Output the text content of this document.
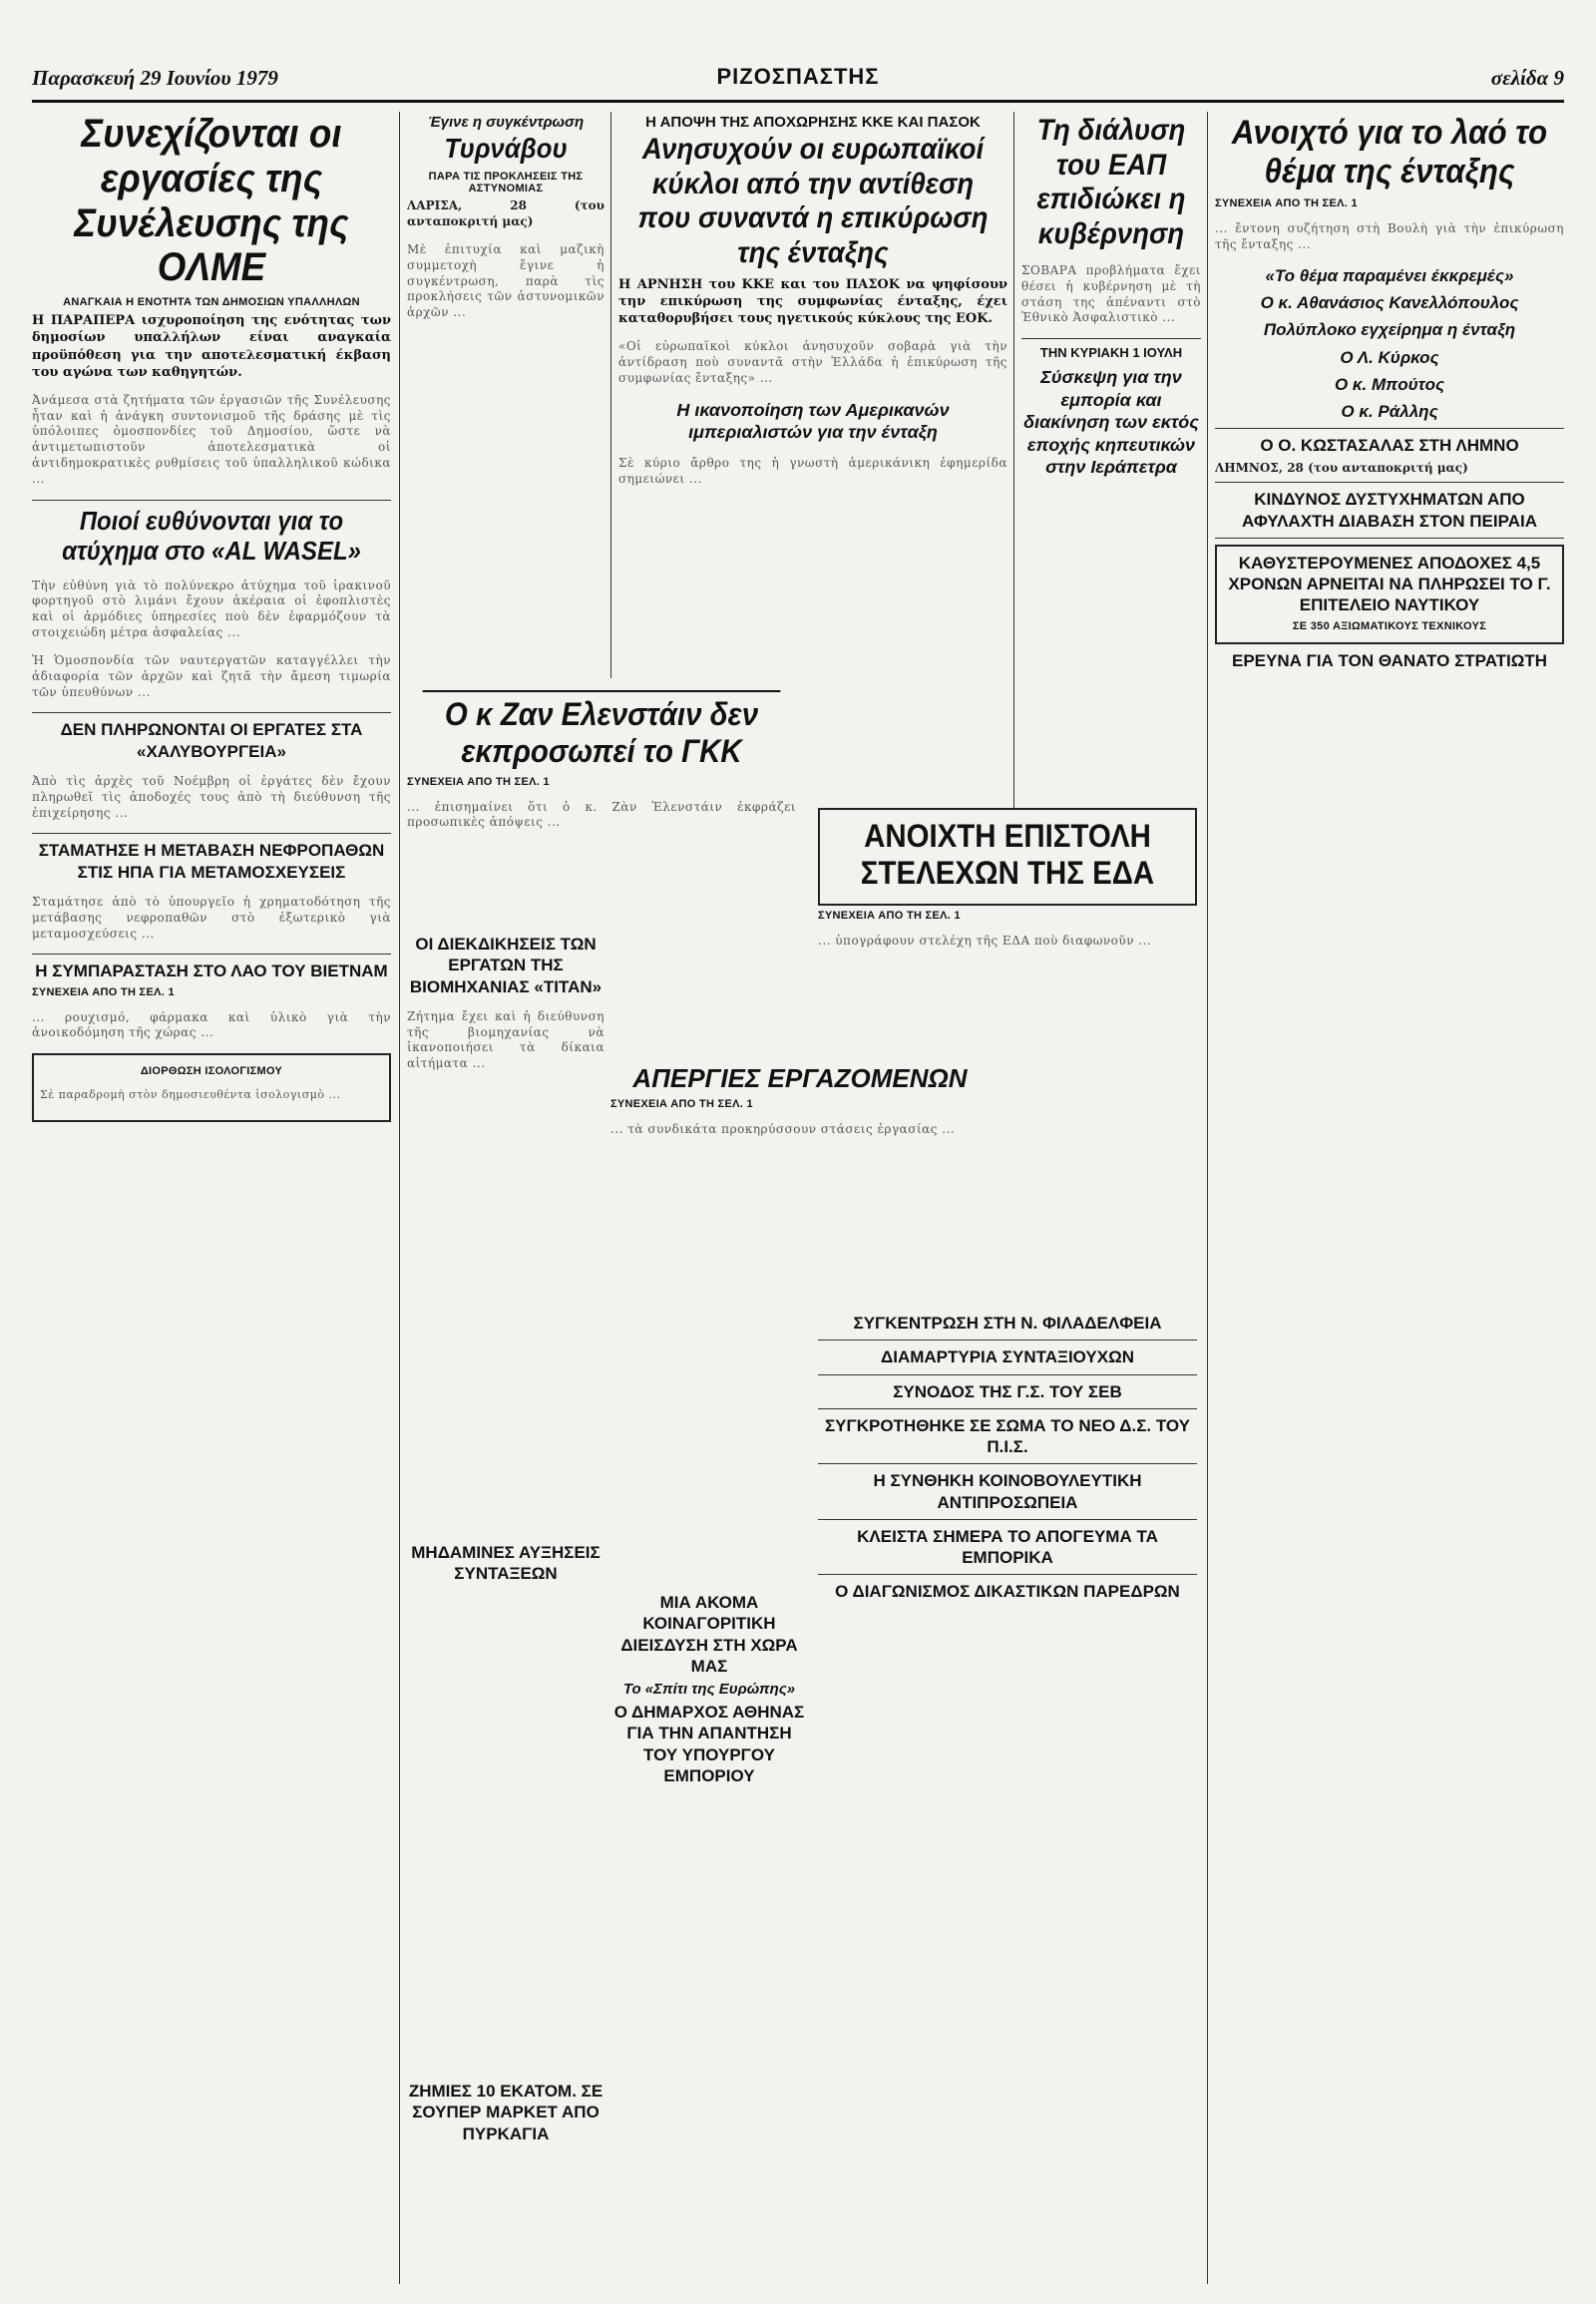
Παρασκευή 29 Ιουνίου 1979	ΡΙΖΟΣΠΑΣΤΗΣ	σελίδα 9
Συνεχίζονται οι εργασίες της Συνέλευσης της ΟΛΜΕ
ΑΝΑΓΚΑΙΑ Η ΕΝΟΤΗΤΑ ΤΩΝ ΔΗΜΟΣΙΩΝ ΥΠΑΛΛΗΛΩΝ

Η ΠΑΡΑΠΕΡΑ ισχυροποίηση της ενότητας των δημοσίων υπαλλήλων είναι αναγκαία προϋπόθεση για την αποτελεσματική έκβαση του αγώνα των καθηγητών.

Ἀνάμεσα στὰ ζητήματα τῶν ἐργασιῶν τῆς Συνέλευσης ἦταν καὶ ἡ ἀνάγκη συντονισμοῦ τῆς δράσης μὲ τὶς ὑπόλοιπες ὁμοσπονδίες τοῦ Δημοσίου, ὥστε νὰ ἀντιμετωπιστοῦν ἀποτελεσματικὰ οἱ ἀντιδημοκρατικὲς ρυθμίσεις τοῦ ὑπαλληλικοῦ κώδικα ...

Ποιοί ευθύνονται για το ατύχημα στο «AL WASEL»

Τὴν εὐθύνη γιὰ τὸ πολύνεκρο ἀτύχημα τοῦ ἰρακινοῦ φορτηγοῦ στὸ λιμάνι ἔχουν ἀκέραια οἱ ἐφοπλιστὲς καὶ οἱ ἀρμόδιες ὑπηρεσίες ποὺ δὲν ἐφαρμόζουν τὰ στοιχειώδη μέτρα ἀσφαλείας ...

Ἡ Ὁμοσπονδία τῶν ναυτεργατῶν καταγγέλλει τὴν ἀδιαφορία τῶν ἀρχῶν καὶ ζητᾶ τὴν ἄμεση τιμωρία τῶν ὑπευθύνων ...

ΔΕΝ ΠΛΗΡΩΝΟΝΤΑΙ ΟΙ ΕΡΓΑΤΕΣ ΣΤΑ «ΧΑΛΥΒΟΥΡΓΕΙΑ»

Ἀπὸ τὶς ἀρχὲς τοῦ Νοέμβρη οἱ ἐργάτες δὲν ἔχουν πληρωθεῖ τὶς ἀποδοχές τους ἀπὸ τὴ διεύθυνση τῆς ἐπιχείρησης ...

ΣΤΑΜΑΤΗΣΕ Η ΜΕΤΑΒΑΣΗ ΝΕΦΡΟΠΑΘΩΝ ΣΤΙΣ ΗΠΑ ΓΙΑ ΜΕΤΑΜΟΣΧΕΥΣΕΙΣ

Σταμάτησε ἀπὸ τὸ ὑπουργεῖο ἡ χρηματοδότηση τῆς μετάβασης νεφροπαθῶν στὸ ἐξωτερικὸ γιὰ μεταμοσχεύσεις ...

Η ΣΥΜΠΑΡΑΣΤΑΣΗ ΣΤΟ ΛΑΟ ΤΟΥ ΒΙΕΤΝΑΜ
ΣΥΝΕΧΕΙΑ ΑΠΟ ΤΗ ΣΕΛ. 1

... ρουχισμό, φάρμακα καὶ ὑλικὸ γιὰ τὴν ἀνοικοδόμηση τῆς χώρας ...

ΔΙΟΡΘΩΣΗ ΙΣΟΛΟΓΙΣΜΟΥ

Σὲ παραδρομὴ στὸν δημοσιευθέντα ἰσολογισμὸ ...

Έγινε η συγκέντρωση
Τυρνάβου
ΠΑΡΑ ΤΙΣ ΠΡΟΚΛΗΣΕΙΣ ΤΗΣ ΑΣΤΥΝΟΜΙΑΣ

ΛΑΡΙΣΑ, 28 (του ανταποκριτή μας)

Μὲ ἐπιτυχία καὶ μαζικὴ συμμετοχὴ ἔγινε ἡ συγκέντρωση, παρὰ τὶς προκλήσεις τῶν ἀστυνομικῶν ἀρχῶν ...

Η ΑΠΟΨΗ ΤΗΣ ΑΠΟΧΩΡΗΣΗΣ ΚΚΕ ΚΑΙ ΠΑΣΟΚ
Ανησυχούν οι ευρωπαϊκοί κύκλοι από την αντίθεση που συναντά η επικύρωση της ένταξης

Η ΑΡΝΗΣΗ του ΚΚΕ και του ΠΑΣΟΚ να ψηφίσουν την επικύρωση της συμφωνίας ένταξης, έχει καταθορυβήσει τους ηγετικούς κύκλους της ΕΟΚ.

«Οἱ εὐρωπαϊκοὶ κύκλοι ἀνησυχοῦν σοβαρὰ γιὰ τὴν ἀντίδραση ποὺ συναντᾶ στὴν Ἑλλάδα ἡ ἐπικύρωση τῆς συμφωνίας ἔνταξης» ...

Η ικανοποίηση των Αμερικανών ιμπεριαλιστών για την ένταξη

Σὲ κύριο ἄρθρο της ἡ γνωστὴ ἀμερικάνικη ἐφημερίδα σημειώνει ...

Τη διάλυση του ΕΑΠ επιδιώκει η κυβέρνηση

ΣΟΒΑΡΑ προβλήματα ἔχει θέσει ἡ κυβέρνηση μὲ τὴ στάση της ἀπέναντι στὸ Ἐθνικὸ Ἀσφαλιστικὸ ...

ΤΗΝ ΚΥΡΙΑΚΗ 1 ΙΟΥΛΗ
Σύσκεψη για την εμπορία και διακίνηση των εκτός εποχής κηπευτικών στην Ιεράπετρα
Ο κ Ζαν Ελενστάιν δεν εκπροσωπεί το ΓΚΚ
ΣΥΝΕΧΕΙΑ ΑΠΟ ΤΗ ΣΕΛ. 1

... ἐπισημαίνει ὅτι ὁ κ. Ζὰν Ἐλενστάιν ἐκφράζει προσωπικὲς ἀπόψεις ...

ΟΙ ΔΙΕΚΔΙΚΗΣΕΙΣ ΤΩΝ ΕΡΓΑΤΩΝ ΤΗΣ ΒΙΟΜΗΧΑΝΙΑΣ «ΤΙΤΑΝ»

Ζήτημα ἔχει καὶ ἡ διεύθυνση τῆς βιομηχανίας νὰ ἱκανοποιήσει τὰ δίκαια αἰτήματα ...	ΑΠΕΡΓΙΕΣ ΕΡΓΑΖΟΜΕΝΩΝ
ΣΥΝΕΧΕΙΑ ΑΠΟ ΤΗ ΣΕΛ. 1

... τὰ συνδικάτα προκηρύσσουν στάσεις ἐργασίας ...

ΜΗΔΑΜΙΝΕΣ ΑΥΞΗΣΕΙΣ ΣΥΝΤΑΞΕΩΝ
ΖΗΜΙΕΣ 10 ΕΚΑΤΟΜ. ΣΕ ΣΟΥΠΕΡ ΜΑΡΚΕΤ ΑΠΟ ΠΥΡΚΑΓΙΑ
Ο ΔΗΜΑΡΧΟΣ ΑΘΗΝΑΣ ΓΙΑ ΤΗΝ ΑΠΑΝΤΗΣΗ ΤΟΥ ΥΠΟΥΡΓΟΥ ΕΜΠΟΡΙΟΥ
ΜΙΑ ΑΚΟΜΑ ΚΟΙΝΑΓΟΡΙΤΙΚΗ ΔΙΕΙΣΔΥΣΗ ΣΤΗ ΧΩΡΑ ΜΑΣ
Το «Σπίτι της Ευρώπης»
ΑΝΟΙΧΤΗ ΕΠΙΣΤΟΛΗ ΣΤΕΛΕΧΩΝ ΤΗΣ ΕΔΑ
ΣΥΝΕΧΕΙΑ ΑΠΟ ΤΗ ΣΕΛ. 1

... ὑπογράφουν στελέχη τῆς ΕΔΑ ποὺ διαφωνοῦν ...

ΣΥΓΚΕΝΤΡΩΣΗ ΣΤΗ Ν. ΦΙΛΑΔΕΛΦΕΙΑ
ΔΙΑΜΑΡΤΥΡΙΑ ΣΥΝΤΑΞΙΟΥΧΩΝ
ΣΥΝΟΔΟΣ ΤΗΣ Γ.Σ. ΤΟΥ ΣΕΒ
ΣΥΓΚΡΟΤΗΘΗΚΕ ΣΕ ΣΩΜΑ ΤΟ ΝΕΟ Δ.Σ. ΤΟΥ Π.Ι.Σ.
Η ΣΥΝΘΗΚΗ ΚΟΙΝΟΒΟΥΛΕΥΤΙΚΗ ΑΝΤΙΠΡΟΣΩΠΕΙΑ
ΚΛΕΙΣΤΑ ΣΗΜΕΡΑ ΤΟ ΑΠΟΓΕΥΜΑ ΤΑ ΕΜΠΟΡΙΚΑ
Ο ΔΙΑΓΩΝΙΣΜΟΣ ΔΙΚΑΣΤΙΚΩΝ ΠΑΡΕΔΡΩΝ
Ανοιχτό για το λαό το θέμα της ένταξης
ΣΥΝΕΧΕΙΑ ΑΠΟ ΤΗ ΣΕΛ. 1

... ἔντονη συζήτηση στὴ Βουλὴ γιὰ τὴν ἐπικύρωση τῆς ἔνταξης ...

«Το θέμα παραμένει έκκρεμές»
Ο κ. Αθανάσιος Κανελλόπουλος
Πολύπλοκο εγχείρημα η ένταξη
Ο Λ. Κύρκος
Ο κ. Μπούτος
Ο κ. Ράλλης
Ο Ο. ΚΩΣΤΑΣΑΛΑΣ ΣΤΗ ΛΗΜΝΟ

ΛΗΜΝΟΣ, 28 (του ανταποκριτή μας)

ΚΙΝΔΥΝΟΣ ΔΥΣΤΥΧΗΜΑΤΩΝ ΑΠΟ ΑΦΥΛΑΧΤΗ ΔΙΑΒΑΣΗ ΣΤΟΝ ΠΕΙΡΑΙΑ
ΚΑΘΥΣΤΕΡΟΥΜΕΝΕΣ ΑΠΟΔΟΧΕΣ 4,5 ΧΡΟΝΩΝ ΑΡΝΕΙΤΑΙ ΝΑ ΠΛΗΡΩΣΕΙ ΤΟ Γ. ΕΠΙΤΕΛΕΙΟ ΝΑΥΤΙΚΟΥ
ΣΕ 350 ΑΞΙΩΜΑΤΙΚΟΥΣ ΤΕΧΝΙΚΟΥΣ
ΕΡΕΥΝΑ ΓΙΑ ΤΟΝ ΘΑΝΑΤΟ ΣΤΡΑΤΙΩΤΗ
